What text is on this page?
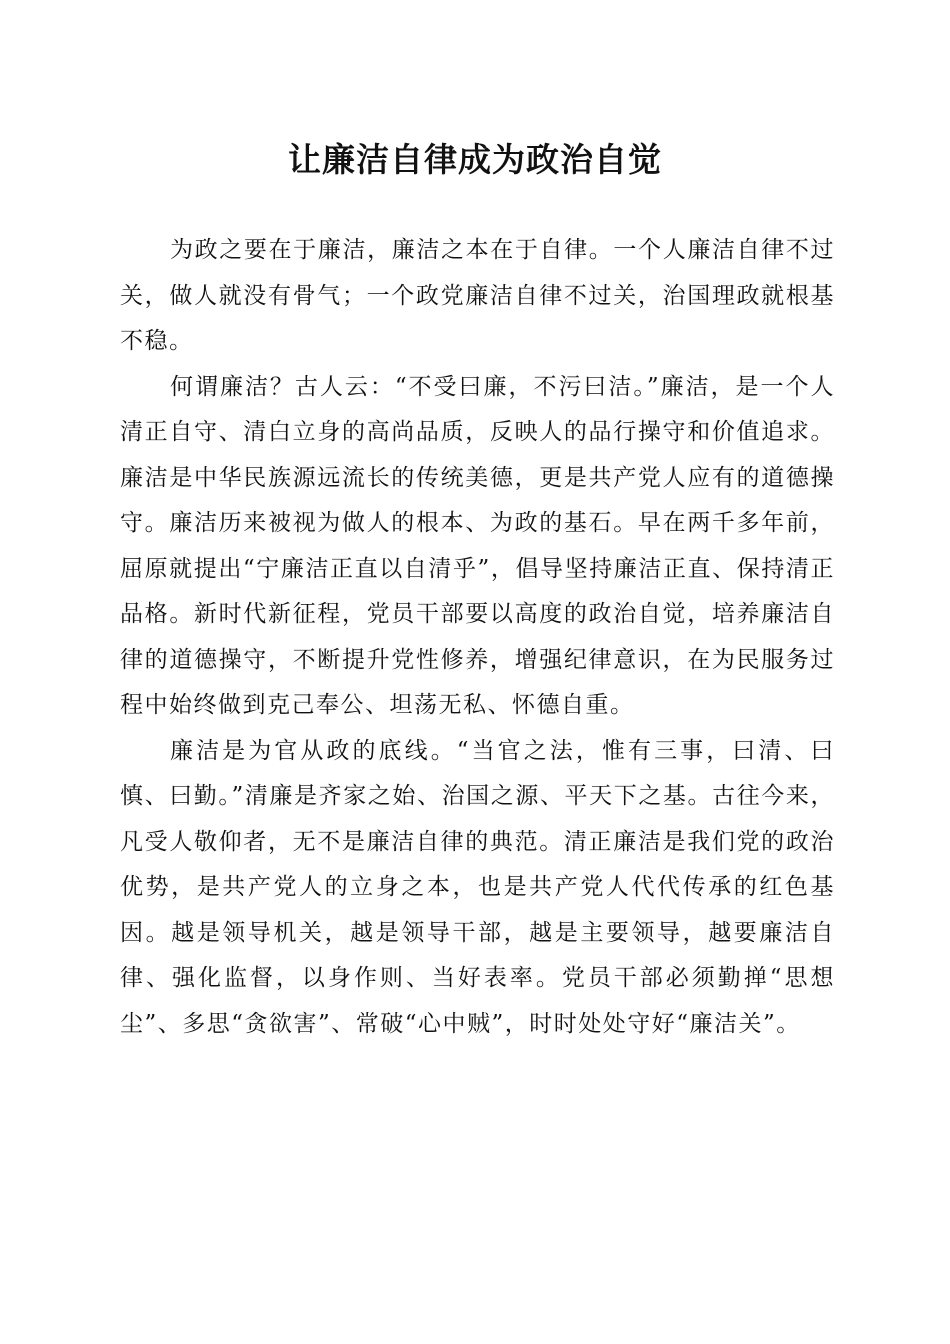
让廉洁自律成为政治自觉

为政之要在于廉洁，廉洁之本在于自律。一个人廉洁自律不过关，做人就没有骨气；一个政党廉洁自律不过关，治国理政就根基不稳。

何谓廉洁？古人云：“不受曰廉，不污曰洁。”廉洁，是一个人清正自守、清白立身的高尚品质，反映人的品行操守和价值追求。廉洁是中华民族源远流长的传统美德，更是共产党人应有的道德操守。廉洁历来被视为做人的根本、为政的基石。早在两千多年前，屈原就提出“宁廉洁正直以自清乎”，倡导坚持廉洁正直、保持清正品格。新时代新征程，党员干部要以高度的政治自觉，培养廉洁自律的道德操守，不断提升党性修养，增强纪律意识，在为民服务过程中始终做到克己奉公、坦荡无私、怀德自重。

廉洁是为官从政的底线。“当官之法，惟有三事，曰清、曰慎、曰勤。”清廉是齐家之始、治国之源、平天下之基。古往今来，凡受人敬仰者，无不是廉洁自律的典范。清正廉洁是我们党的政治优势，是共产党人的立身之本，也是共产党人代代传承的红色基因。越是领导机关，越是领导干部，越是主要领导，越要廉洁自律、强化监督，以身作则、当好表率。党员干部必须勤掸“思想尘”、多思“贪欲害”、常破“心中贼”，时时处处守好“廉洁关”。
